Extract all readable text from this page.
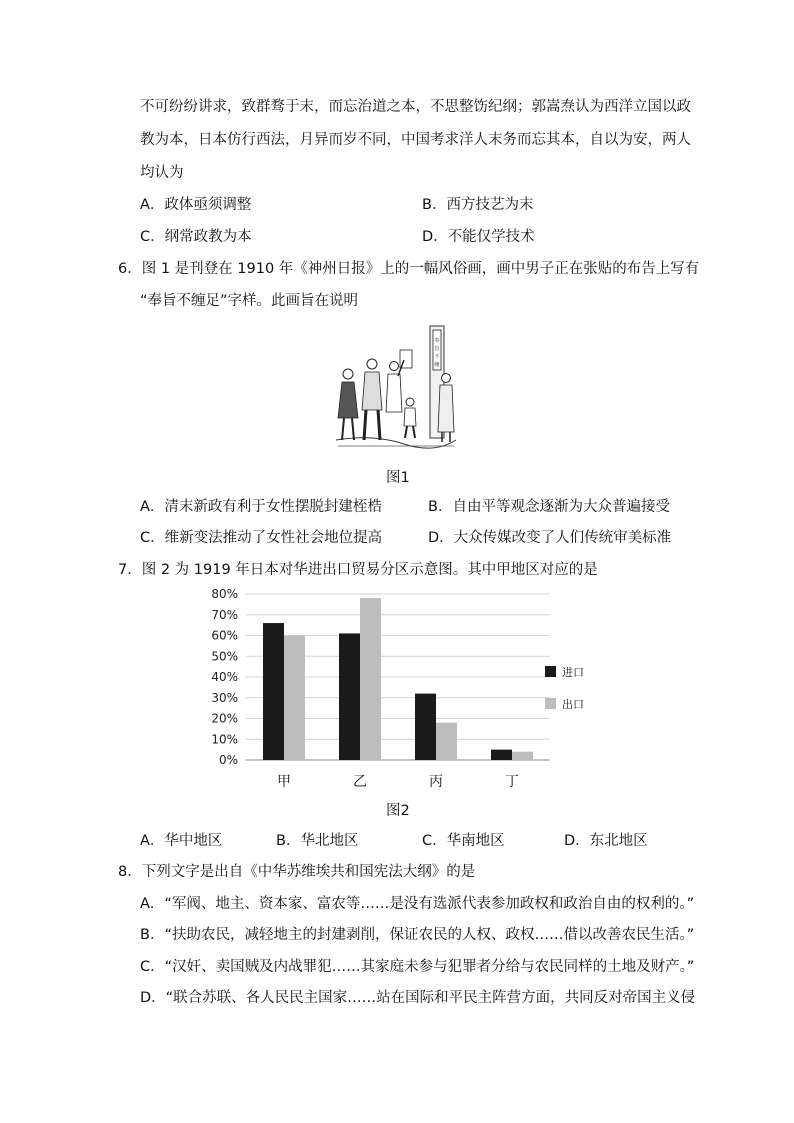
不可纷纷讲求，致群骛于末，而忘治道之本，不思整饬纪纲；郭嵩焘认为西洋立国以政
教为本，日本仿行西法，月异而岁不同，中国考求洋人末务而忘其本，自以为安，两人
均认为
A．政体亟须调整	B．西方技艺为末
C．纲常政教为本	D．不能仅学技术
6．图 1 是刊登在 1910 年《神州日报》上的一幅风俗画，画中男子正在张贴的布告上写有
“奉旨不缠足”字样。此画旨在说明
奉
旨
不
缠
图1
A．清末新政有利于女性摆脱封建桎梏	B．自由平等观念逐渐为大众普遍接受
C．维新变法推动了女性社会地位提高	D．大众传媒改变了人们传统审美标准
7．图 2 为 1919 年日本对华进出口贸易分区示意图。其中甲地区对应的是
0%
10%
20%
30%
40%
50%
60%
70%
80%
甲	乙	丙	丁
进口
出口
图2
A．华中地区	B．华北地区	C．华南地区	D．东北地区
8．下列文字是出自《中华苏维埃共和国宪法大纲》的是
A．“军阀、地主、资本家、富农等……是没有选派代表参加政权和政治自由的权利的。”
B．“扶助农民，减轻地主的封建剥削，保证农民的人权、政权……借以改善农民生活。”
C．“汉奸、卖国贼及内战罪犯……其家庭未参与犯罪者分给与农民同样的土地及财产。”
D．“联合苏联、各人民民主国家……站在国际和平民主阵营方面，共同反对帝国主义侵
